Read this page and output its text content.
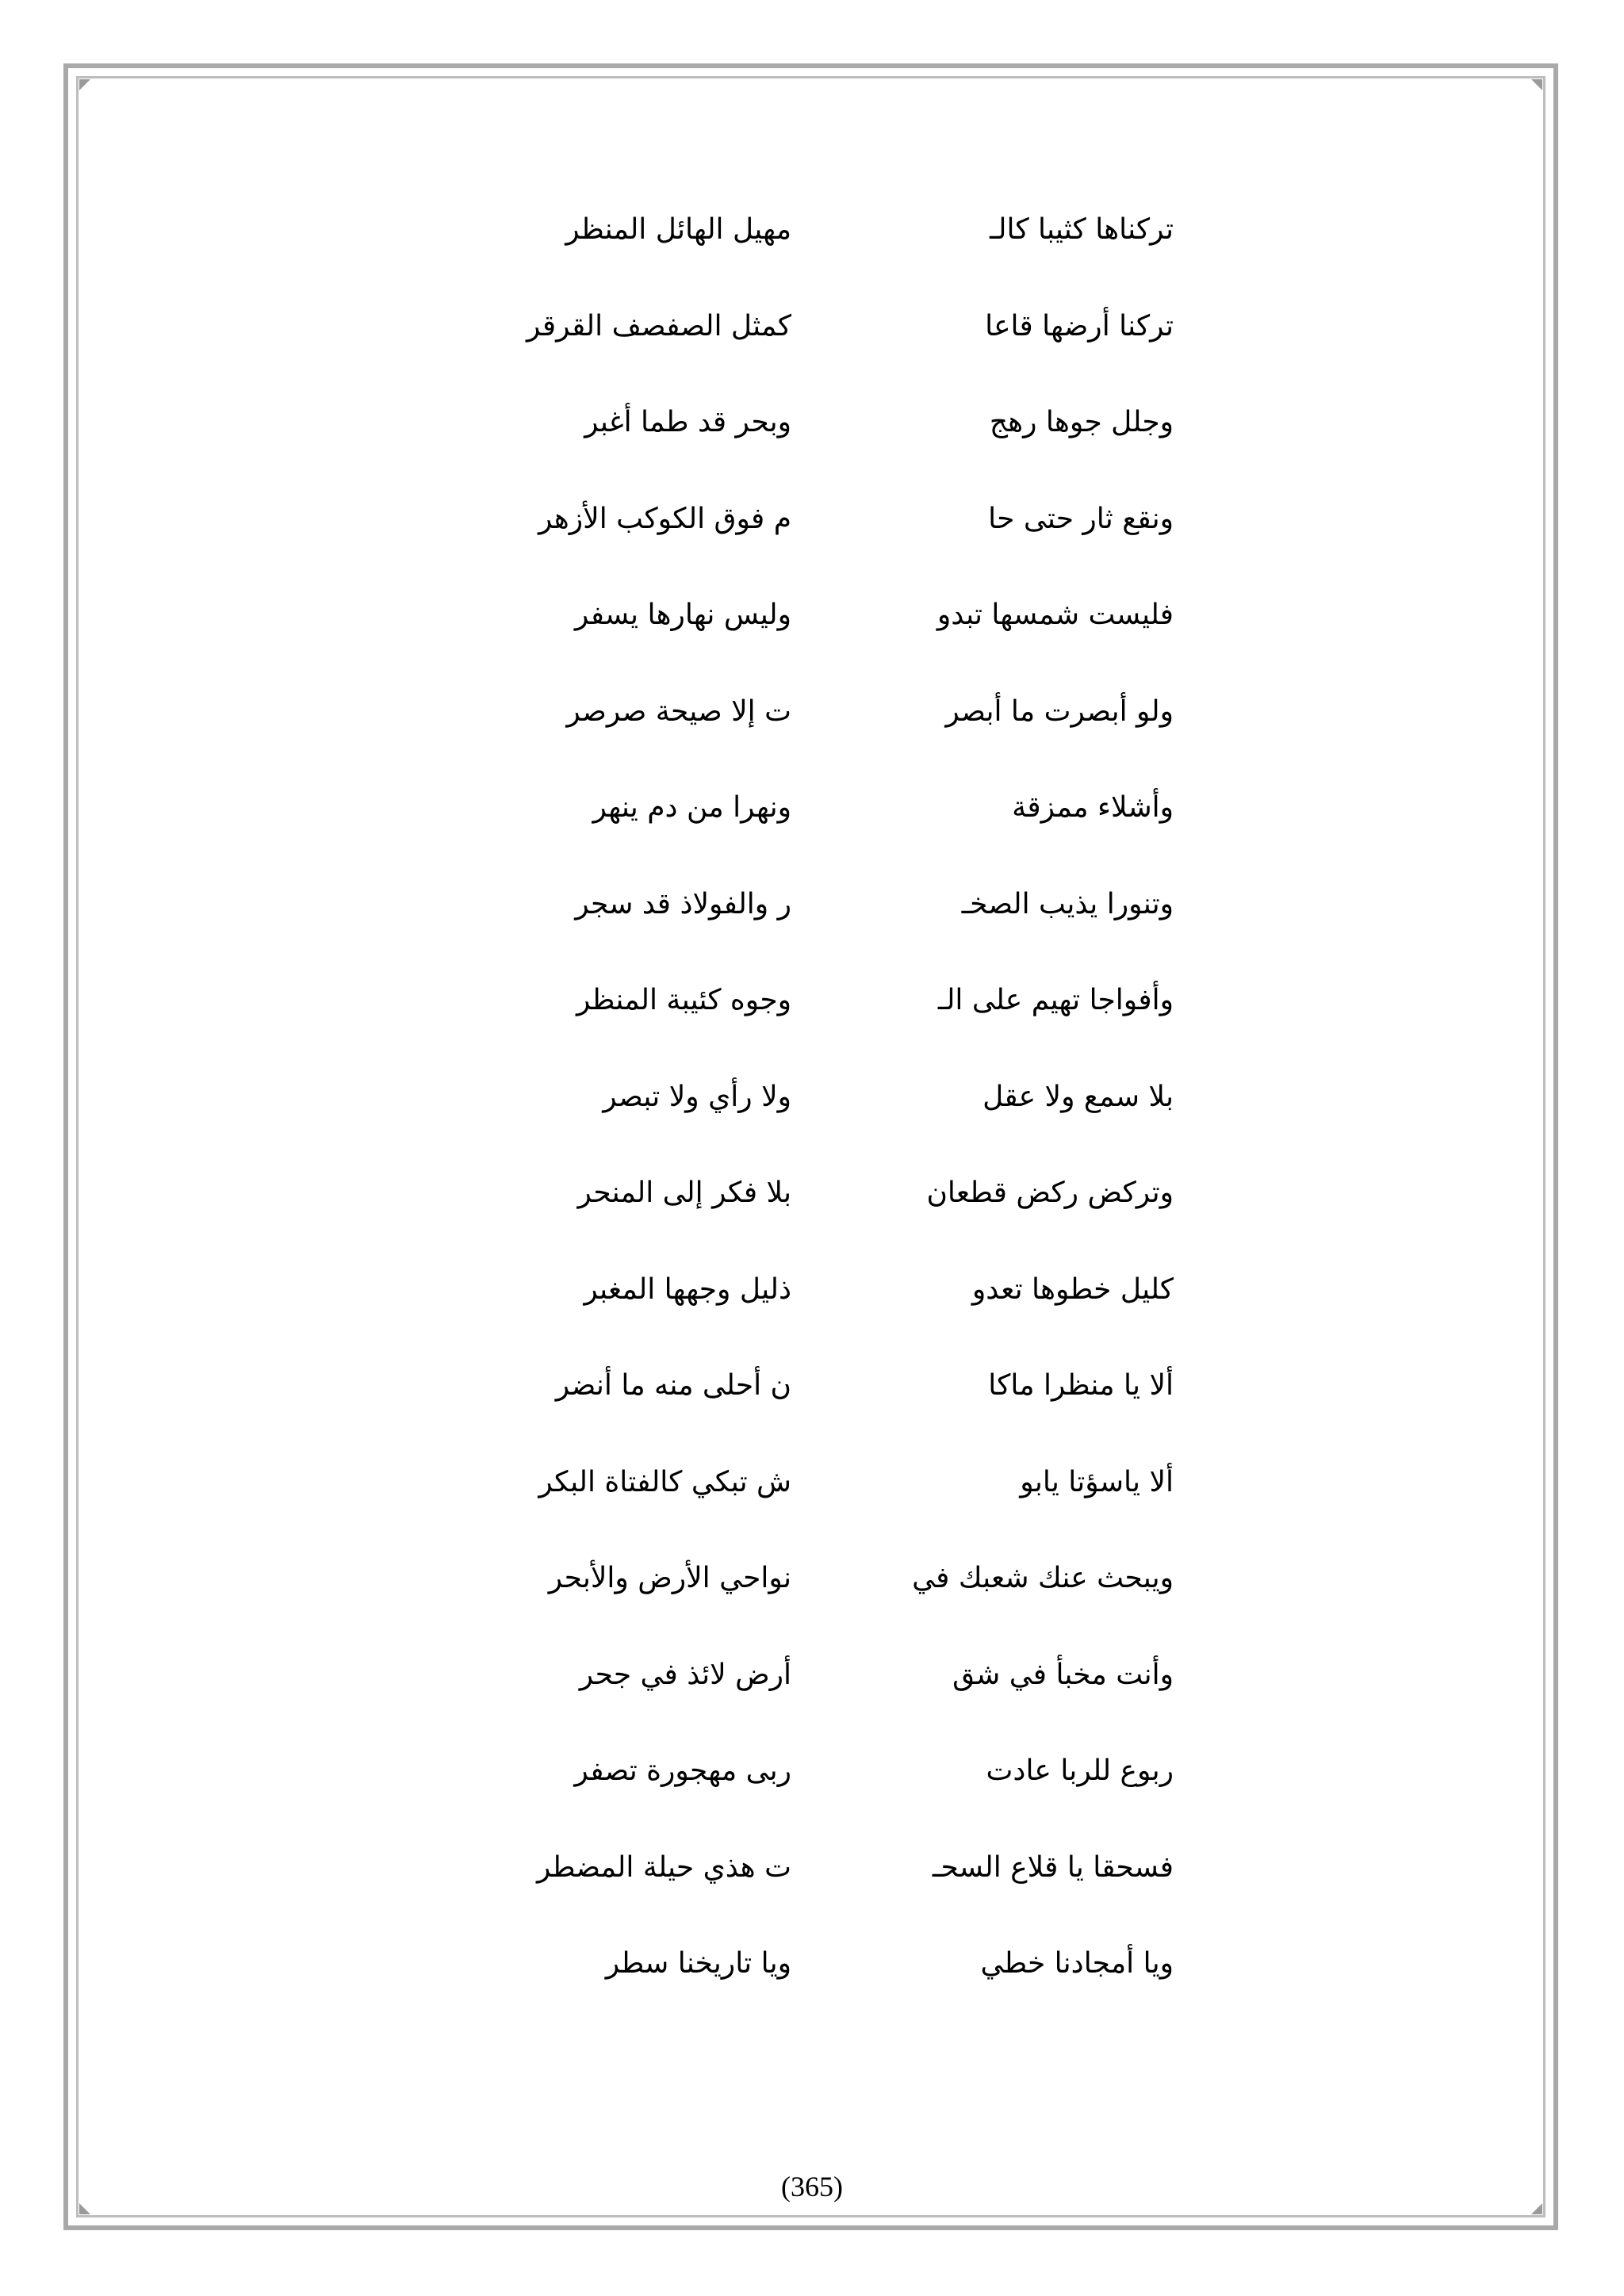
تركناها كثيبا كالـ
مهيل الهائل المنظر
تركنا أرضها قاعا
كمثل الصفصف القرقر
وجلل جوها رهج
وبحر قد طما أغبر
ونقع ثار حتى حا
م فوق الكوكب الأزهر
فليست شمسها تبدو
وليس نهارها يسفر
ولو أبصرت ما أبصر
ت إلا صيحة صرصر
وأشلاء ممزقة
ونهرا من دم ينهر
وتنورا يذيب الصخـ
ر والفولاذ قد سجر
وأفواجا تهيم على الـ
وجوه كئيبة المنظر
بلا سمع ولا عقل
ولا رأي ولا تبصر
وتركض ركض قطعان
بلا فكر إلى المنحر
كليل خطوها تعدو
ذليل وجهها المغبر
ألا يا منظرا ماكا
ن أحلى منه ما أنضر
ألا ياسؤتا يابو
ش تبكي كالفتاة البكر
ويبحث عنك شعبك في
نواحي الأرض والأبحر
وأنت مخبأ في شق
أرض لائذ في جحر
ربوع للربا عادت
ربى مهجورة تصفر
فسحقا يا قلاع السحـ
ت هذي حيلة المضطر
ويا أمجادنا خطي
ويا تاريخنا سطر
(365)
